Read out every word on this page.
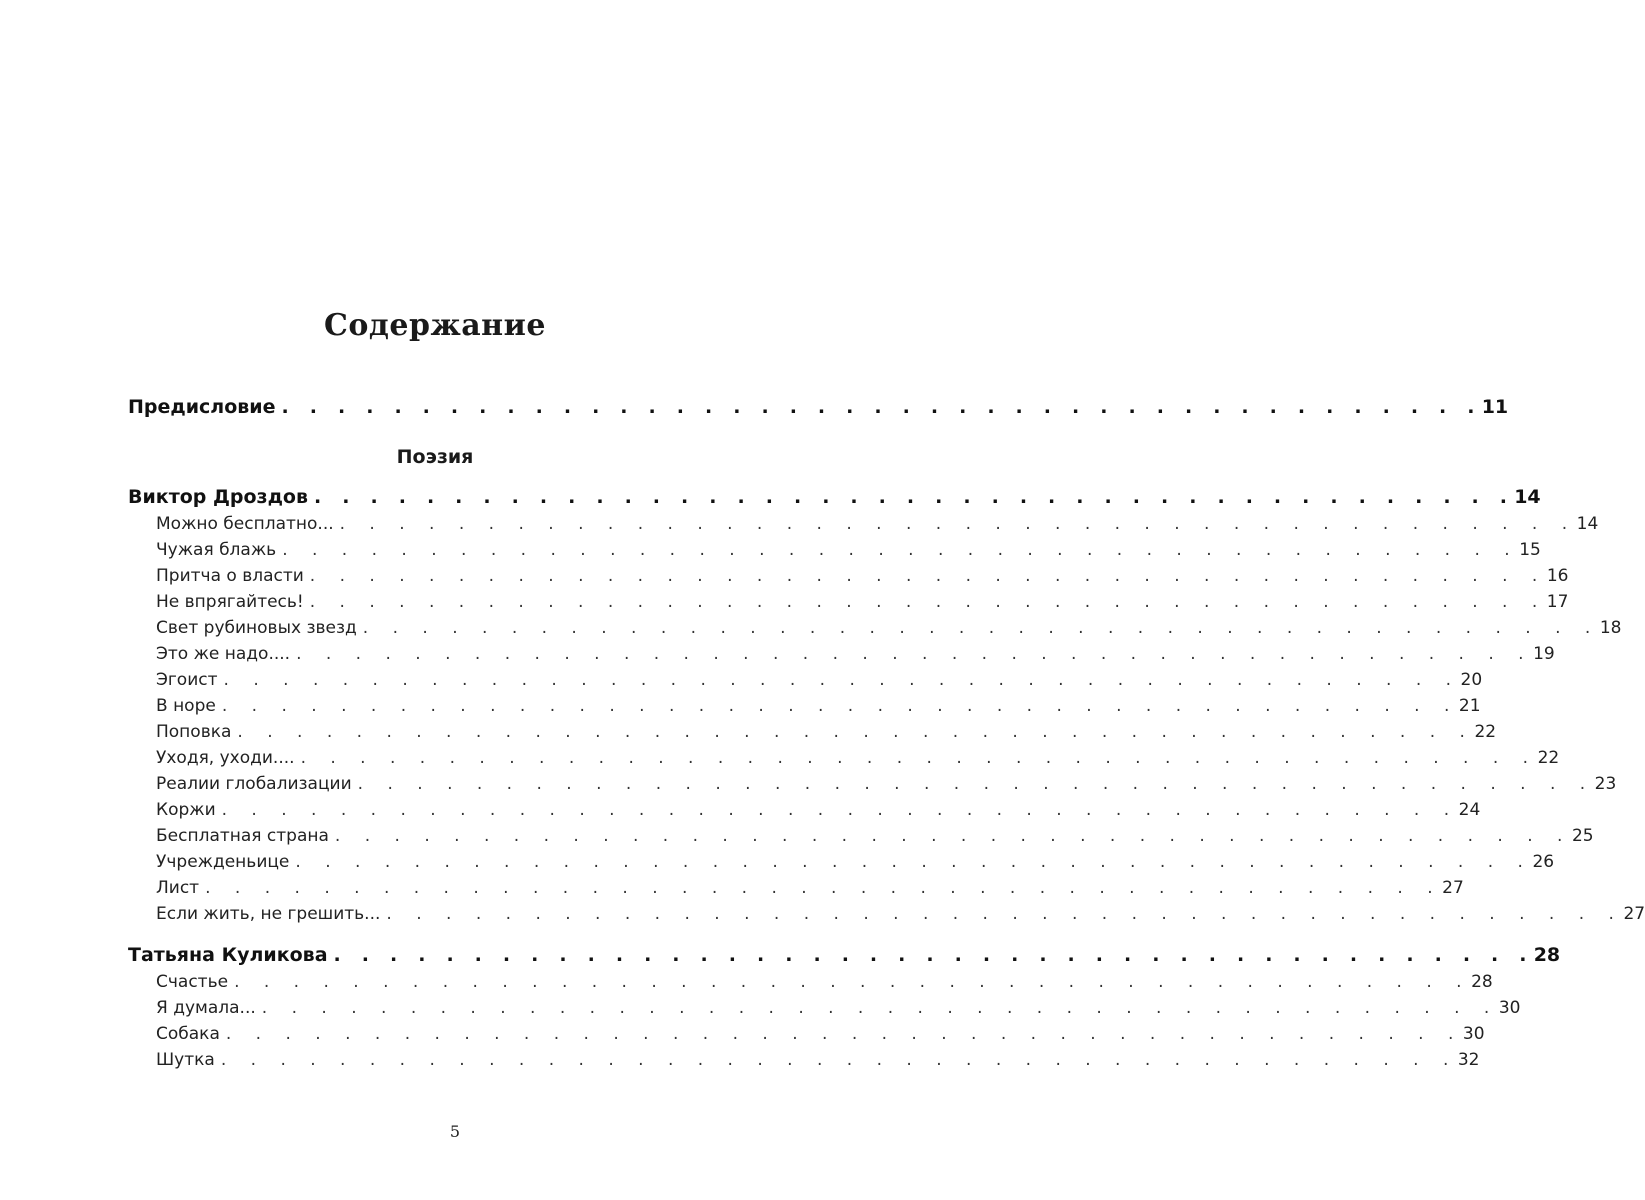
Содержание
Предисловие . . . . . . . . . . . . . . . . . . . . . . . . . . . . . . . . . . . . . . . . . . . 11
Поэзия
Виктор Дроздов . . . . . . . . . . . . . . . . . . . . . . . . . . . . . . . . . . . . . . . . . . . 14
Можно бесплатно... . . . . . . . . . . . . . . . . . . . . . . . . . . . . . . . . . . . . . . . . . . 14
Чужая блажь . . . . . . . . . . . . . . . . . . . . . . . . . . . . . . . . . . . . . . . . . . 15
Притча о власти . . . . . . . . . . . . . . . . . . . . . . . . . . . . . . . . . . . . . . . . . . 16
Не впрягайтесь! . . . . . . . . . . . . . . . . . . . . . . . . . . . . . . . . . . . . . . . . . . 17
Свет рубиновых звезд . . . . . . . . . . . . . . . . . . . . . . . . . . . . . . . . . . . . . . . . . . 18
Это же надо.... . . . . . . . . . . . . . . . . . . . . . . . . . . . . . . . . . . . . . . . . . . 19
Эгоист . . . . . . . . . . . . . . . . . . . . . . . . . . . . . . . . . . . . . . . . . . 20
В норе . . . . . . . . . . . . . . . . . . . . . . . . . . . . . . . . . . . . . . . . . . 21
Поповка . . . . . . . . . . . . . . . . . . . . . . . . . . . . . . . . . . . . . . . . . . 22
Уходя, уходи.... . . . . . . . . . . . . . . . . . . . . . . . . . . . . . . . . . . . . . . . . . . 22
Реалии глобализации . . . . . . . . . . . . . . . . . . . . . . . . . . . . . . . . . . . . . . . . . . 23
Коржи . . . . . . . . . . . . . . . . . . . . . . . . . . . . . . . . . . . . . . . . . . 24
Бесплатная страна . . . . . . . . . . . . . . . . . . . . . . . . . . . . . . . . . . . . . . . . . . 25
Учрежденьице . . . . . . . . . . . . . . . . . . . . . . . . . . . . . . . . . . . . . . . . . . 26
Лист . . . . . . . . . . . . . . . . . . . . . . . . . . . . . . . . . . . . . . . . . . 27
Если жить, не грешить... . . . . . . . . . . . . . . . . . . . . . . . . . . . . . . . . . . . . . . . . . . 27
Татьяна Куликова . . . . . . . . . . . . . . . . . . . . . . . . . . . . . . . . . . . . . . . . . . . 28
Счастье . . . . . . . . . . . . . . . . . . . . . . . . . . . . . . . . . . . . . . . . . . 28
Я думала... . . . . . . . . . . . . . . . . . . . . . . . . . . . . . . . . . . . . . . . . . . 30
Собака . . . . . . . . . . . . . . . . . . . . . . . . . . . . . . . . . . . . . . . . . . 30
Шутка . . . . . . . . . . . . . . . . . . . . . . . . . . . . . . . . . . . . . . . . . . 32
5
